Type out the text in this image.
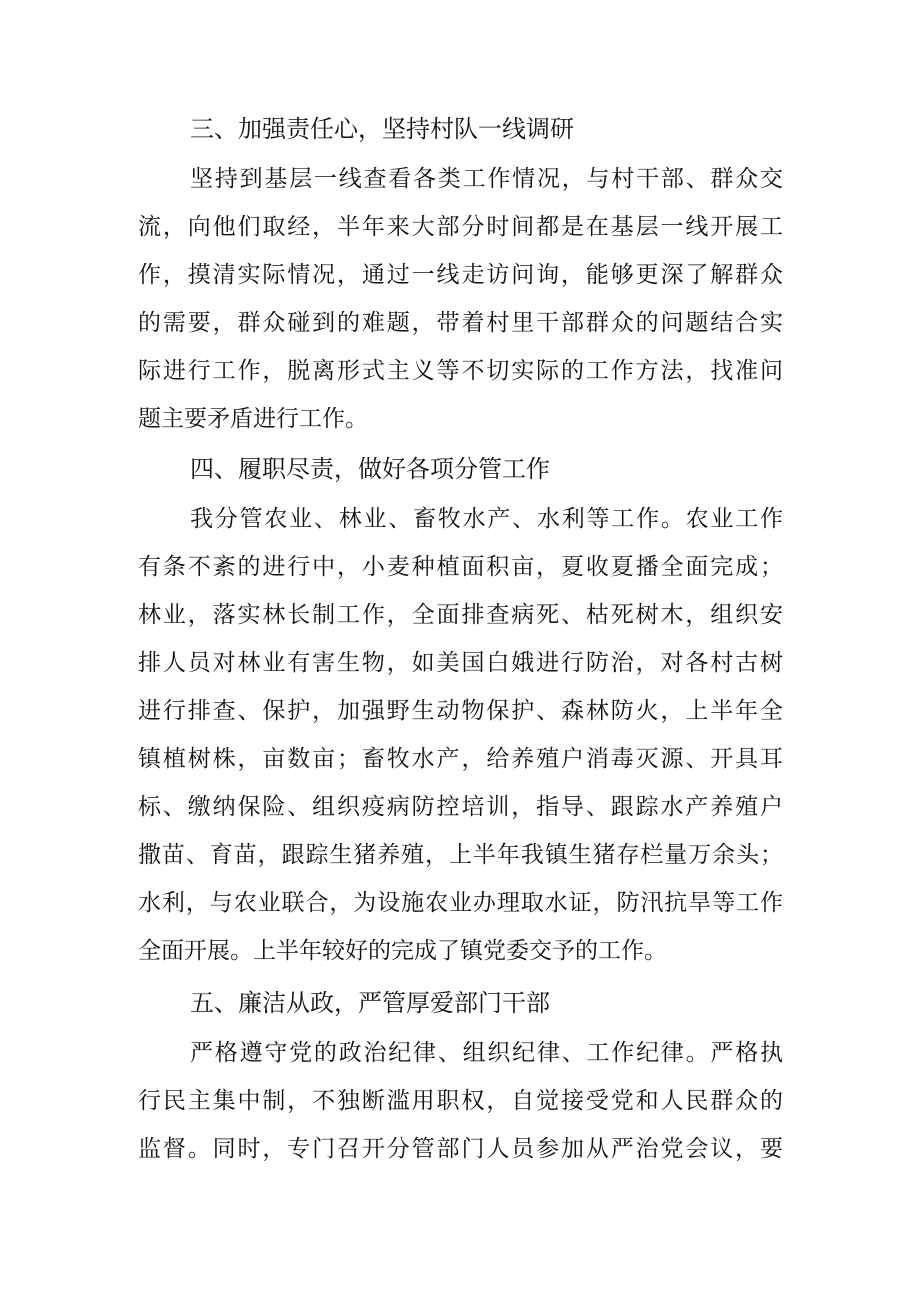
三、加强责任心，坚持村队一线调研
坚持到基层一线查看各类工作情况，与村干部、群众交
流，向他们取经，半年来大部分时间都是在基层一线开展工
作，摸清实际情况，通过一线走访问询，能够更深了解群众
的需要，群众碰到的难题，带着村里干部群众的问题结合实
际进行工作，脱离形式主义等不切实际的工作方法，找准问
题主要矛盾进行工作。
四、履职尽责，做好各项分管工作
我分管农业、林业、畜牧水产、水利等工作。农业工作
有条不紊的进行中，小麦种植面积亩，夏收夏播全面完成；
林业，落实林长制工作，全面排查病死、枯死树木，组织安
排人员对林业有害生物，如美国白娥进行防治，对各村古树
进行排查、保护，加强野生动物保护、森林防火，上半年全
镇植树株，亩数亩；畜牧水产，给养殖户消毒灭源、开具耳
标、缴纳保险、组织疫病防控培训，指导、跟踪水产养殖户
撒苗、育苗，跟踪生猪养殖，上半年我镇生猪存栏量万余头；
水利，与农业联合，为设施农业办理取水证，防汛抗旱等工作
全面开展。上半年较好的完成了镇党委交予的工作。
五、廉洁从政，严管厚爱部门干部
严格遵守党的政治纪律、组织纪律、工作纪律。严格执
行民主集中制，不独断滥用职权，自觉接受党和人民群众的
监督。同时，专门召开分管部门人员参加从严治党会议，要
